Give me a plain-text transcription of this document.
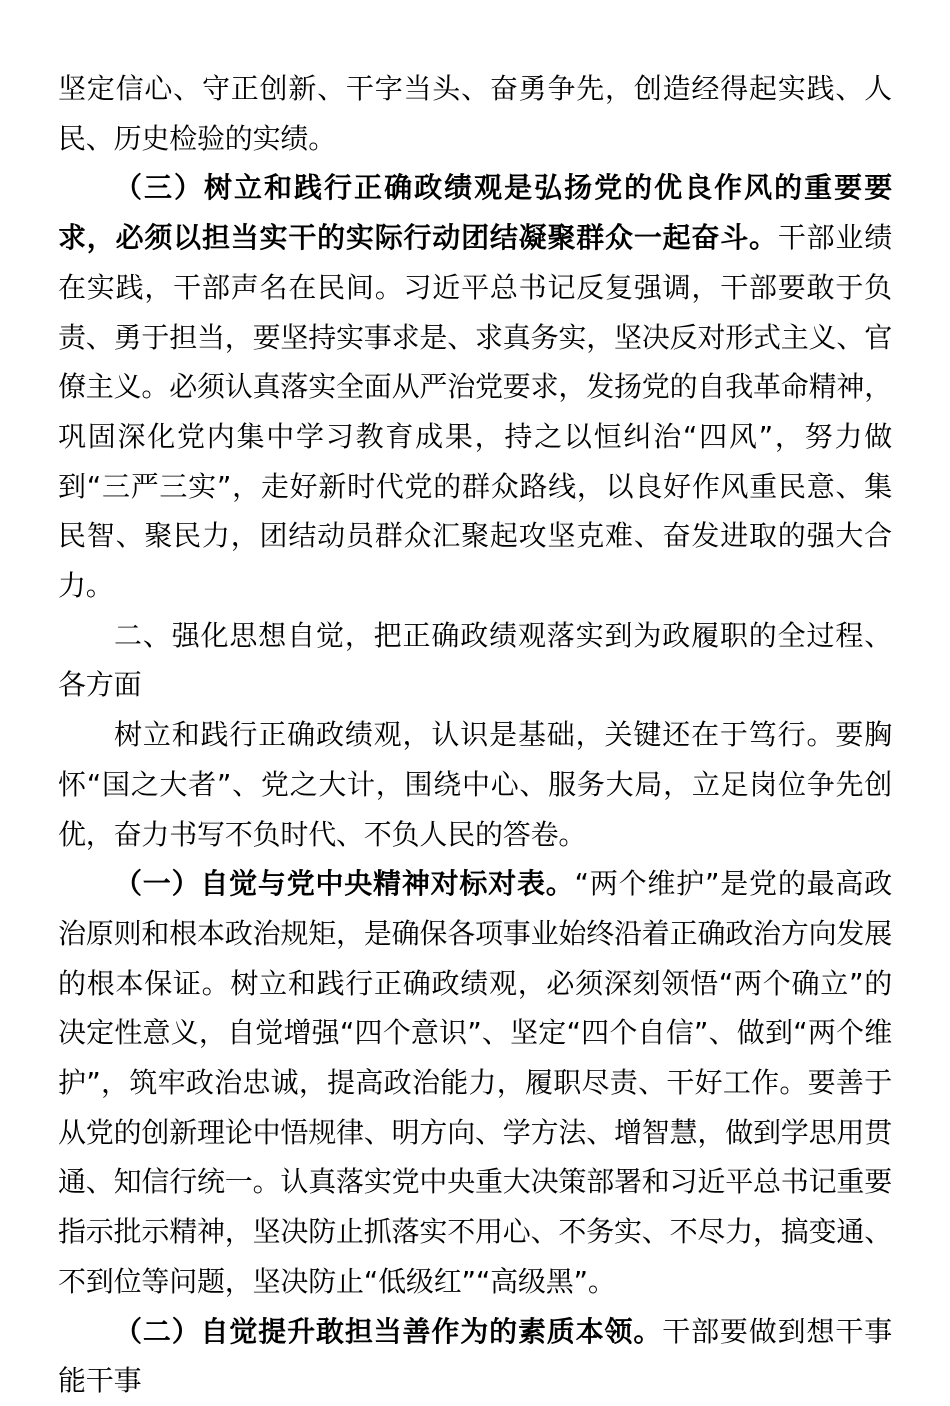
坚定信心、守正创新、干字当头、奋勇争先，创造经得起实践、人民、历史检验的实绩。

（三）树立和践行正确政绩观是弘扬党的优良作风的重要要求，必须以担当实干的实际行动团结凝聚群众一起奋斗。干部业绩在实践，干部声名在民间。习近平总书记反复强调，干部要敢于负责、勇于担当，要坚持实事求是、求真务实，坚决反对形式主义、官僚主义。必须认真落实全面从严治党要求，发扬党的自我革命精神，巩固深化党内集中学习教育成果，持之以恒纠治“四风”，努力做到“三严三实”，走好新时代党的群众路线，以良好作风重民意、集民智、聚民力，团结动员群众汇聚起攻坚克难、奋发进取的强大合力。

二、强化思想自觉，把正确政绩观落实到为政履职的全过程、各方面

树立和践行正确政绩观，认识是基础，关键还在于笃行。要胸怀“国之大者”、党之大计，围绕中心、服务大局，立足岗位争先创优，奋力书写不负时代、不负人民的答卷。

（一）自觉与党中央精神对标对表。“两个维护”是党的最高政治原则和根本政治规矩，是确保各项事业始终沿着正确政治方向发展的根本保证。树立和践行正确政绩观，必须深刻领悟“两个确立”的决定性意义，自觉增强“四个意识”、坚定“四个自信”、做到“两个维护”，筑牢政治忠诚，提高政治能力，履职尽责、干好工作。要善于从党的创新理论中悟规律、明方向、学方法、增智慧，做到学思用贯通、知信行统一。认真落实党中央重大决策部署和习近平总书记重要指示批示精神，坚决防止抓落实不用心、不务实、不尽力，搞变通、不到位等问题，坚决防止“低级红”“高级黑”。

（二）自觉提升敢担当善作为的素质本领。干部要做到想干事能干事
